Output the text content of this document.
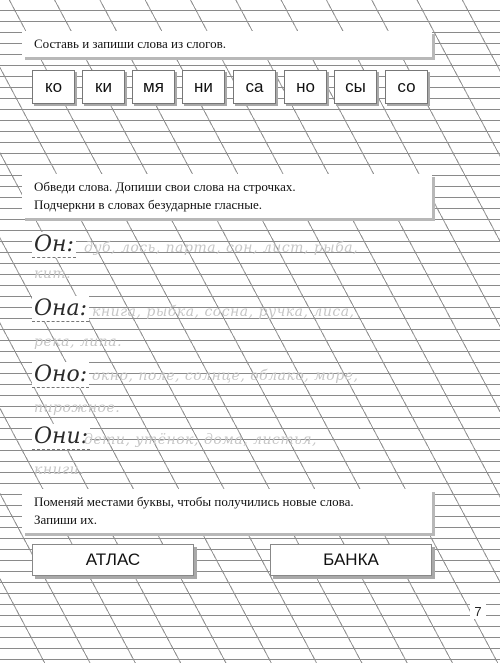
Составь и запиши слова из слогов.
ко	ки	мя	ни	са	но	сы	со
Обведи слова. Допиши свои слова на строчках.
Подчеркни в словах безударные гласные.
Он: дуб, лось, парта, сон, лист, рыба,
кит.
Она: книга, рыбка, сосна, ручка, лиса,
река, липа.
Оно: окно, поле, солнце, облако, море,
пирожное.
Они:
дети, утёнок, дома, листья,
книги.
Поменяй местами буквы, чтобы получились новые слова.
Запиши их.
АТЛАС	БАНКА
7
